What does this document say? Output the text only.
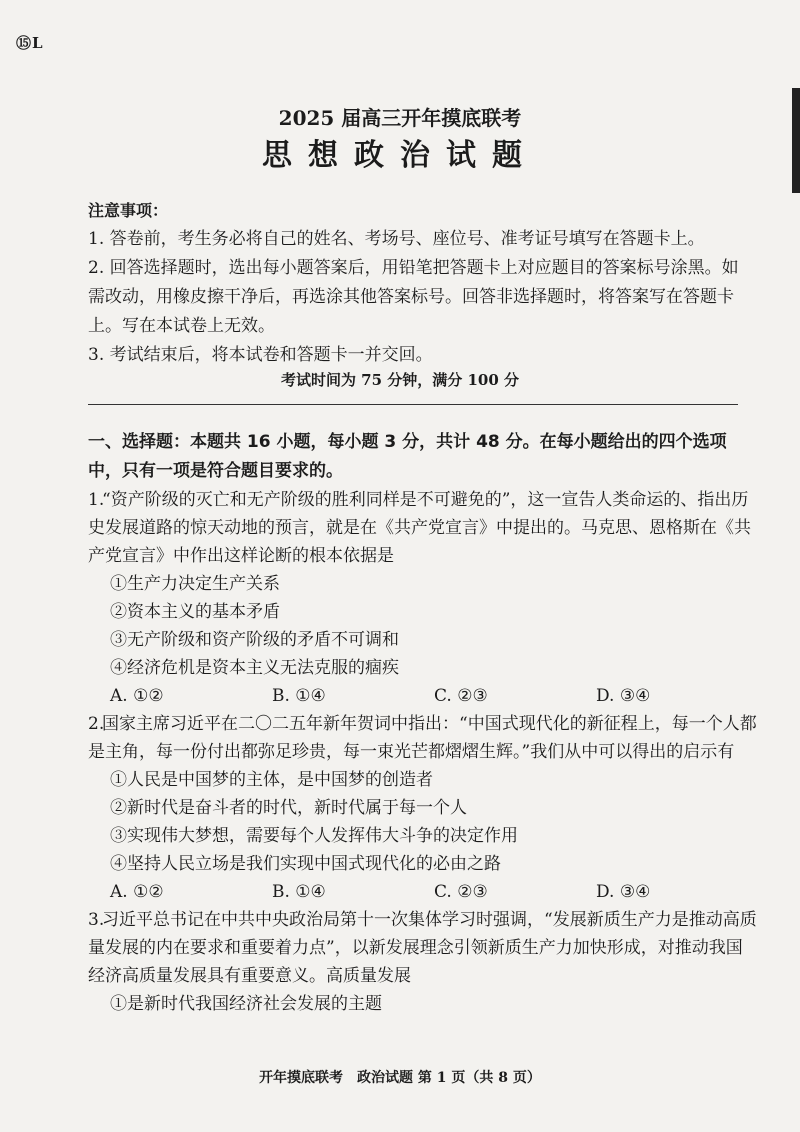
⑮L
2025 届高三开年摸底联考
思想政治试题
注意事项：
1. 答卷前，考生务必将自己的姓名、考场号、座位号、准考证号填写在答题卡上。
2. 回答选择题时，选出每小题答案后，用铅笔把答题卡上对应题目的答案标号涂黑。如需改动，用橡皮擦干净后，再选涂其他答案标号。回答非选择题时，将答案写在答题卡上。写在本试卷上无效。
3. 考试结束后，将本试卷和答题卡一并交回。
考试时间为 75 分钟，满分 100 分
一、选择题：本题共 16 小题，每小题 3 分，共计 48 分。在每小题给出的四个选项中，只有一项是符合题目要求的。
1.“资产阶级的灭亡和无产阶级的胜利同样是不可避免的”，这一宣告人类命运的、指出历史发展道路的惊天动地的预言，就是在《共产党宣言》中提出的。马克思、恩格斯在《共产党宣言》中作出这样论断的根本依据是
①生产力决定生产关系
②资本主义的基本矛盾
③无产阶级和资产阶级的矛盾不可调和
④经济危机是资本主义无法克服的痼疾
A. ①②	B. ①④	C. ②③	D. ③④
2.国家主席习近平在二〇二五年新年贺词中指出：“中国式现代化的新征程上，每一个人都是主角，每一份付出都弥足珍贵，每一束光芒都熠熠生辉。”我们从中可以得出的启示有
①人民是中国梦的主体，是中国梦的创造者
②新时代是奋斗者的时代，新时代属于每一个人
③实现伟大梦想，需要每个人发挥伟大斗争的决定作用
④坚持人民立场是我们实现中国式现代化的必由之路
A. ①②	B. ①④	C. ②③	D. ③④
3.习近平总书记在中共中央政治局第十一次集体学习时强调，“发展新质生产力是推动高质量发展的内在要求和重要着力点”，以新发展理念引领新质生产力加快形成，对推动我国经济高质量发展具有重要意义。高质量发展
①是新时代我国经济社会发展的主题
开年摸底联考　政治试题 第 1 页（共 8 页）
